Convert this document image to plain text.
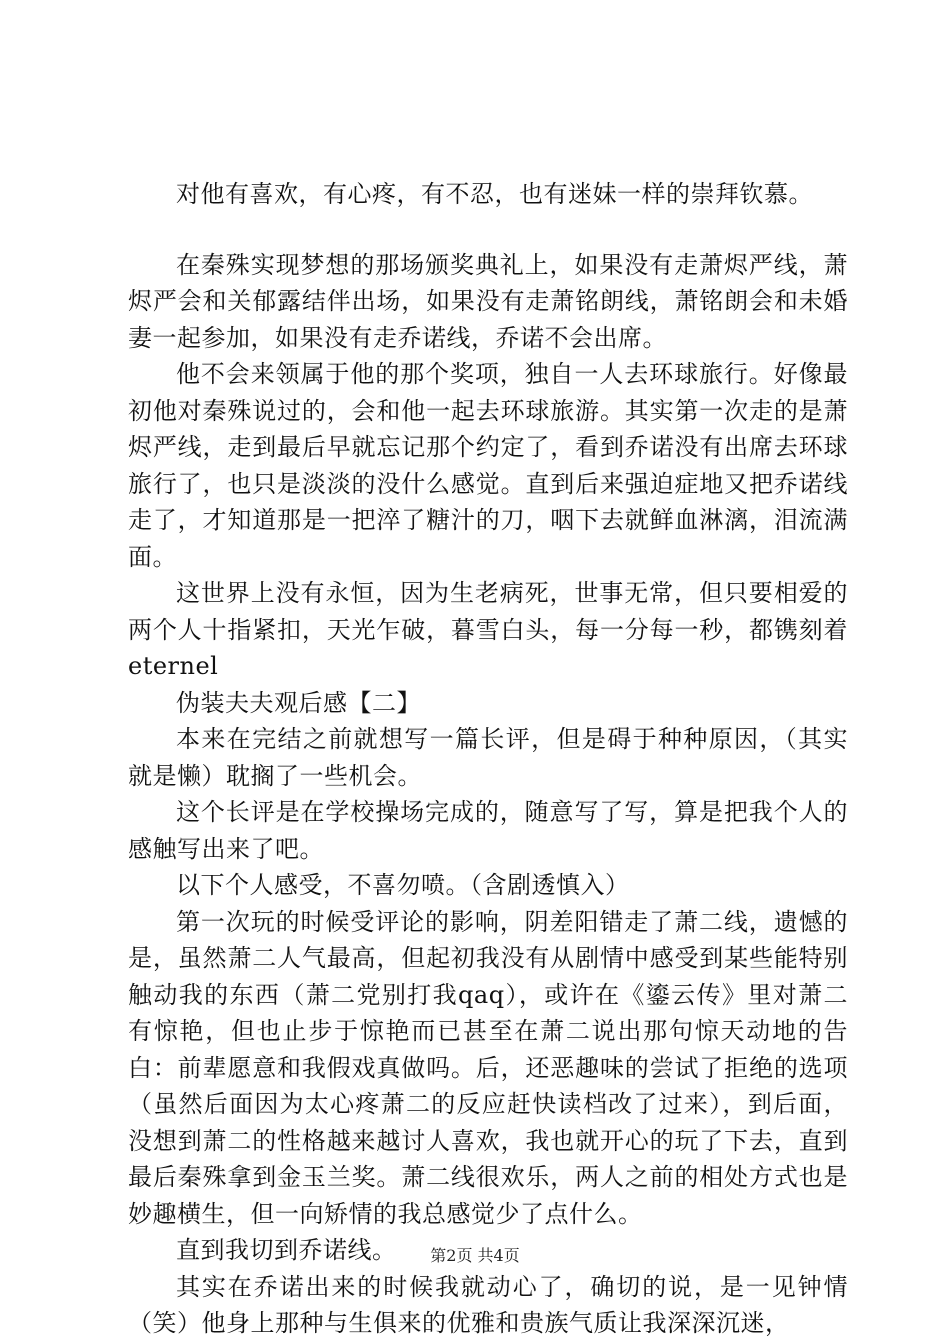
对他有喜欢，有心疼，有不忍，也有迷妹一样的崇拜钦慕。

在秦殊实现梦想的那场颁奖典礼上，如果没有走萧烬严线，萧烬严会和关郁露结伴出场，如果没有走萧铭朗线，萧铭朗会和未婚妻一起参加，如果没有走乔诺线，乔诺不会出席。

他不会来领属于他的那个奖项，独自一人去环球旅行。好像最初他对秦殊说过的，会和他一起去环球旅游。其实第一次走的是萧烬严线，走到最后早就忘记那个约定了，看到乔诺没有出席去环球旅行了，也只是淡淡的没什么感觉。直到后来强迫症地又把乔诺线走了，才知道那是一把淬了糖汁的刀，咽下去就鲜血淋漓，泪流满面。

这世界上没有永恒，因为生老病死，世事无常，但只要相爱的两个人十指紧扣，天光乍破，暮雪白头，每一分每一秒，都镌刻着eternel

伪装夫夫观后感【二】

本来在完结之前就想写一篇长评，但是碍于种种原因，（其实就是懒）耽搁了一些机会。

这个长评是在学校操场完成的，随意写了写，算是把我个人的感触写出来了吧。

以下个人感受，不喜勿喷。（含剧透慎入）

第一次玩的时候受评论的影响，阴差阳错走了萧二线，遗憾的是，虽然萧二人气最高，但起初我没有从剧情中感受到某些能特别触动我的东西（萧二党别打我qaq），或许在《鎏云传》里对萧二有惊艳，但也止步于惊艳而已甚至在萧二说出那句惊天动地的告白：前辈愿意和我假戏真做吗。后，还恶趣味的尝试了拒绝的选项（虽然后面因为太心疼萧二的反应赶快读档改了过来），到后面，没想到萧二的性格越来越讨人喜欢，我也就开心的玩了下去，直到最后秦殊拿到金玉兰奖。萧二线很欢乐，两人之前的相处方式也是妙趣横生，但一向矫情的我总感觉少了点什么。

直到我切到乔诺线。

其实在乔诺出来的时候我就动心了，确切的说，是一见钟情（笑）他身上那种与生俱来的优雅和贵族气质让我深深沉迷，

第2页 共4页
